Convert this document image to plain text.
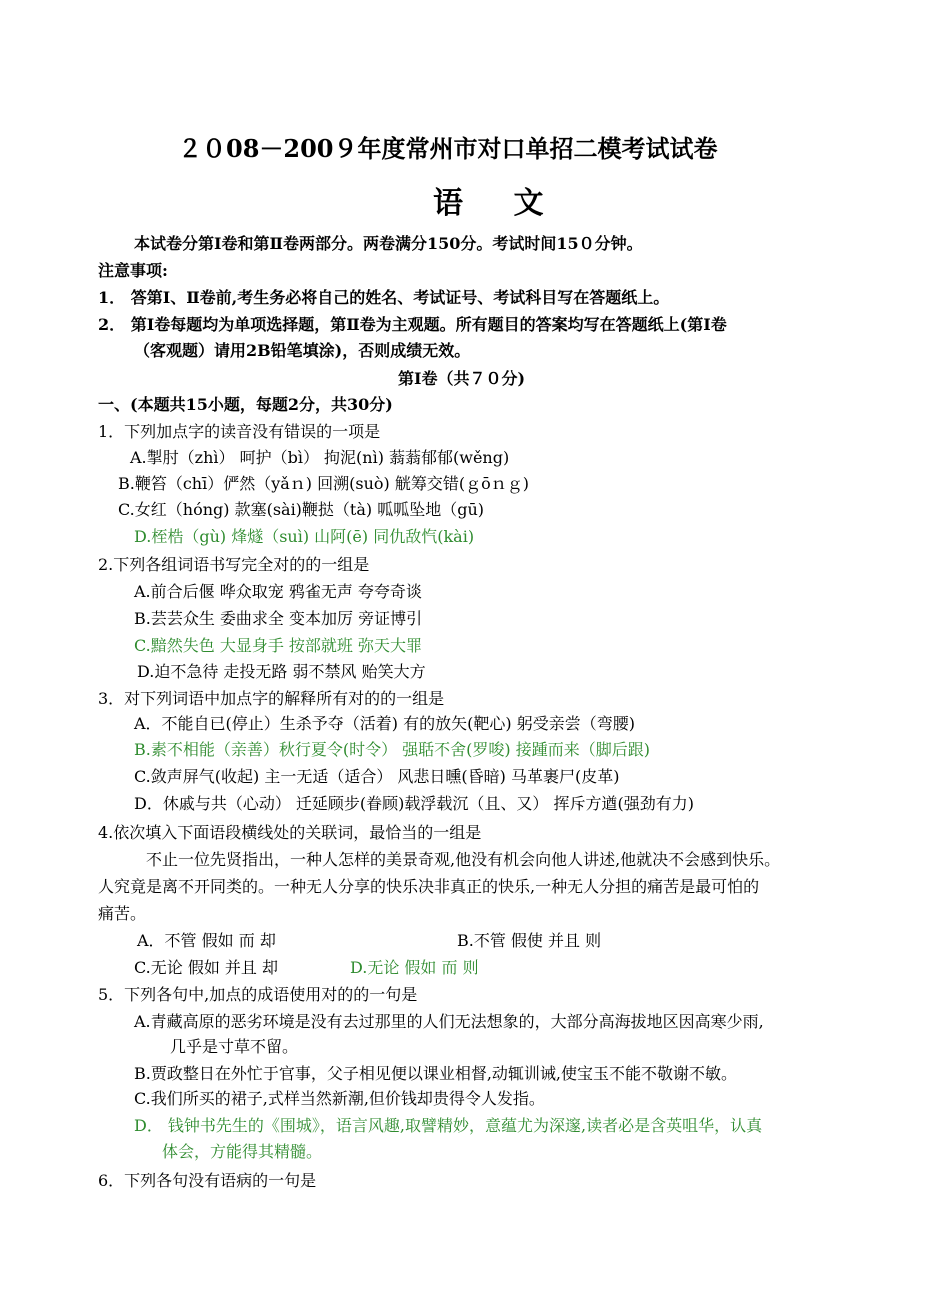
２０08－200９年度常州市对口单招二模考试试卷
语 文
本试卷分第Ⅰ卷和第Ⅱ卷两部分。两卷满分150分。考试时间15０分钟。
注意事项:
1． 答第Ⅰ、Ⅱ卷前,考生务必将自己的姓名、考试证号、考试科目写在答题纸上。
2． 第Ⅰ卷每题均为单项选择题，第Ⅱ卷为主观题。所有题目的答案均写在答题纸上(第Ⅰ卷
（客观题）请用2B铅笔填涂)，否则成绩无效。
第Ⅰ卷（共７０分)
一、(本题共15小题，每题2分，共30分)
1．下列加点字的读音没有错误的一项是
A.掣肘（zhì） 呵护（bì） 拘泥(nì) 蓊蓊郁郁(wěng)
B.鞭笞（chī）俨然（yǎｎ) 回溯(suò) 觥筹交错(ｇōｎｇ)
C.女红（hóng) 款塞(sài)鞭挞（tà) 呱呱坠地（gū)
D.桎梏（gù) 烽燧（suì) 山阿(ē) 同仇敌忾(kài)
2.下列各组词语书写完全对的的一组是
A.前合后偃 哗众取宠 鸦雀无声 夸夸奇谈
B.芸芸众生 委曲求全 变本加厉 旁证博引
C.黯然失色 大显身手 按部就班 弥天大罪
D.迫不急待 走投无路 弱不禁风 贻笑大方
3．对下列词语中加点字的解释所有对的的一组是
A．不能自已(停止）生杀予夺（活着) 有的放矢(靶心) 躬受亲尝（弯腰)
B.素不相能（亲善）秋行夏令(时令） 强聒不舍(罗唆) 接踵而来（脚后跟)
C.敛声屏气(收起) 主一无适（适合） 风悲日曛(昏暗) 马革裹尸(皮革)
D．休戚与共（心动） 迁延顾步(眷顾)载浮载沉（且、又） 挥斥方遒(强劲有力)
4.依次填入下面语段横线处的关联词，最恰当的一组是
不止一位先贤指出，一种人怎样的美景奇观,他没有机会向他人讲述,他就决不会感到快乐。
人究竟是离不开同类的。一种无人分享的快乐决非真正的快乐,一种无人分担的痛苦是最可怕的
痛苦。
A．不管 假如 而 却	B.不管 假使 并且 则
C.无论 假如 并且 却	D.无论 假如 而 则
5．下列各句中,加点的成语使用对的的一句是
A.青藏高原的恶劣环境是没有去过那里的人们无法想象的，大部分高海拔地区因高寒少雨,
几乎是寸草不留。
B.贾政整日在外忙于官事，父子相见便以课业相督,动辄训诫,使宝玉不能不敬谢不敏。
C.我们所买的裙子,式样当然新潮,但价钱却贵得令人发指。
D． 钱钟书先生的《围城》，语言风趣,取譬精妙，意蕴尤为深邃,读者必是含英咀华，认真
体会，方能得其精髓。
6．下列各句没有语病的一句是
